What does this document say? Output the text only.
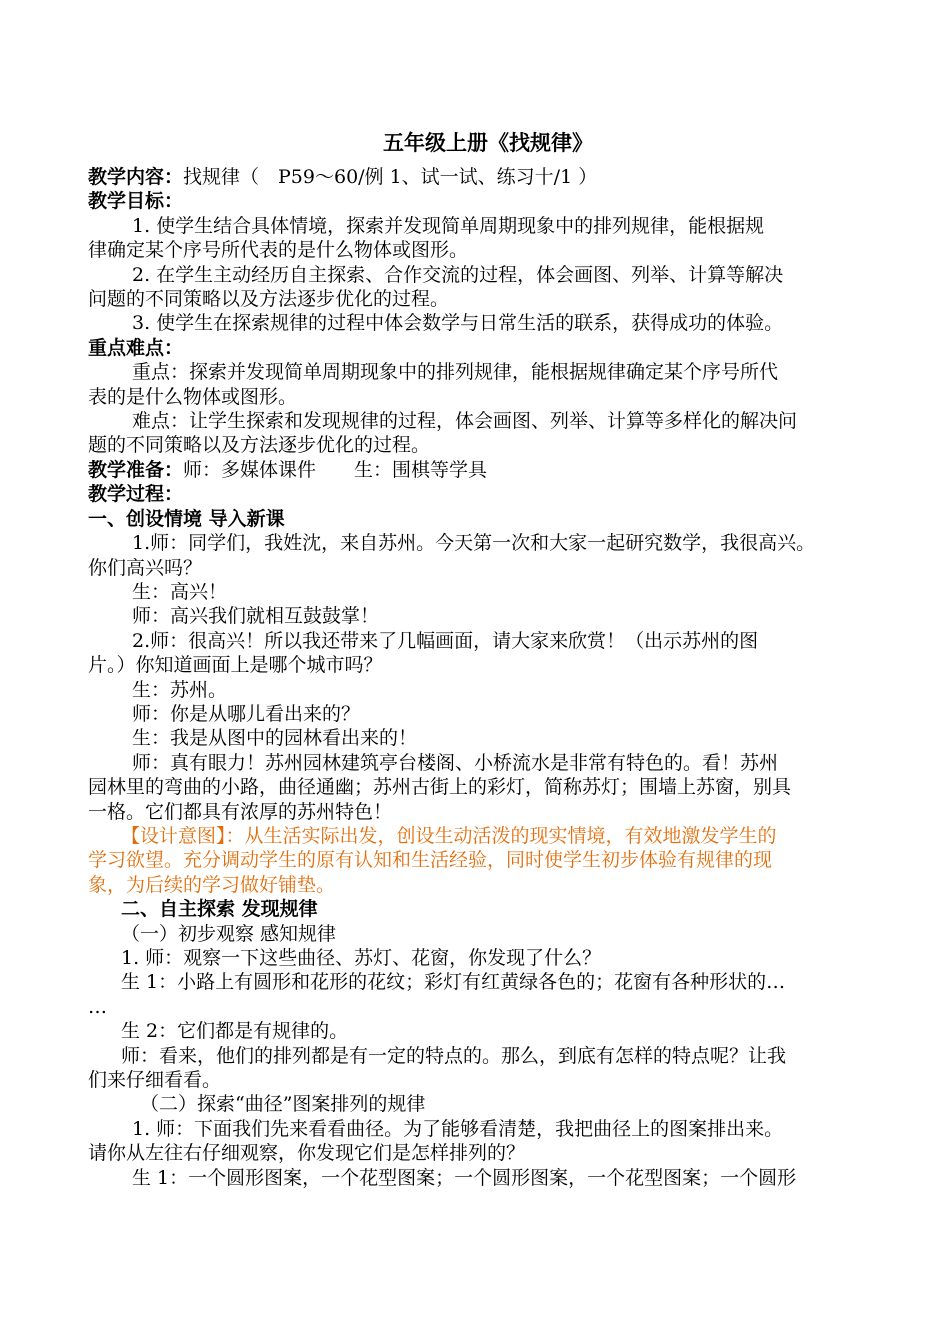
五年级上册《找规律》

教学内容：找规律（　P59～60/例 1、试一试、练习十/1 ）

教学目标：

1. 使学生结合具体情境，探索并发现简单周期现象中的排列规律，能根据规

律确定某个序号所代表的是什么物体或图形。

2. 在学生主动经历自主探索、合作交流的过程，体会画图、列举、计算等解决

问题的不同策略以及方法逐步优化的过程。

3. 使学生在探索规律的过程中体会数学与日常生活的联系，获得成功的体验。

重点难点：

重点：探索并发现简单周期现象中的排列规律，能根据规律确定某个序号所代

表的是什么物体或图形。

难点：让学生探索和发现规律的过程，体会画图、列举、计算等多样化的解决问

题的不同策略以及方法逐步优化的过程。

教学准备：师：多媒体课件　　生：围棋等学具

教学过程：

一、创设情境 导入新课

1.师：同学们，我姓沈，来自苏州。今天第一次和大家一起研究数学，我很高兴。

你们高兴吗？

生：高兴！

师：高兴我们就相互鼓鼓掌！

2.师：很高兴！所以我还带来了几幅画面，请大家来欣赏！（出示苏州的图

片。）你知道画面上是哪个城市吗？

生：苏州。

师：你是从哪儿看出来的？

生：我是从图中的园林看出来的！

师：真有眼力！苏州园林建筑亭台楼阁、小桥流水是非常有特色的。看！苏州

园林里的弯曲的小路，曲径通幽；苏州古街上的彩灯，简称苏灯；围墙上苏窗，别具

一格。它们都具有浓厚的苏州特色！

【设计意图】：从生活实际出发，创设生动活泼的现实情境，有效地激发学生的

学习欲望。充分调动学生的原有认知和生活经验，同时使学生初步体验有规律的现

象，为后续的学习做好铺垫。

二、自主探索 发现规律

（一）初步观察 感知规律

1. 师：观察一下这些曲径、苏灯、花窗，你发现了什么？

生 1：小路上有圆形和花形的花纹；彩灯有红黄绿各色的；花窗有各种形状的…

…

生 2：它们都是有规律的。

师：看来，他们的排列都是有一定的特点的。那么，到底有怎样的特点呢？让我

们来仔细看看。

（二）探索“曲径”图案排列的规律

1. 师：下面我们先来看看曲径。为了能够看清楚，我把曲径上的图案排出来。

请你从左往右仔细观察，你发现它们是怎样排列的？

生 1：一个圆形图案，一个花型图案；一个圆形图案，一个花型图案；一个圆形
